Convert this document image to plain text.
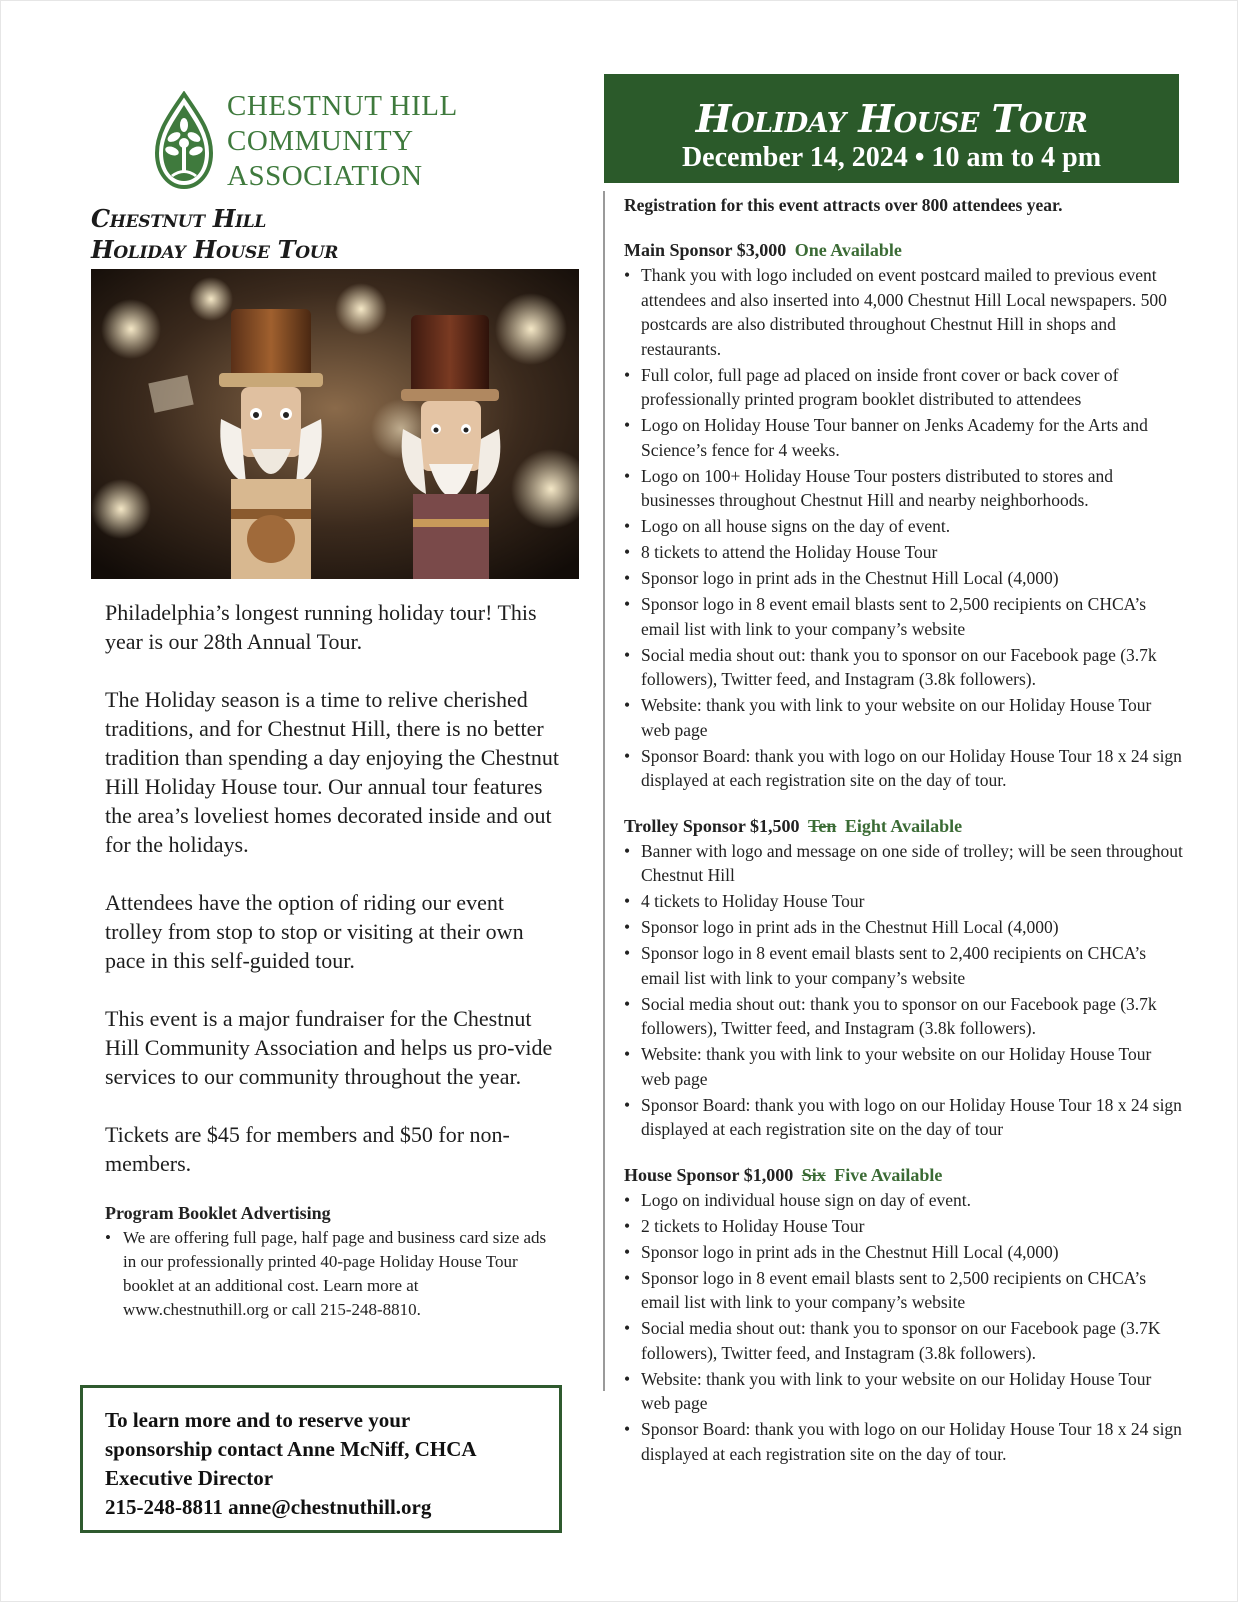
CHESTNUT HILL
COMMUNITY
ASSOCIATION
Chestnut Hill
Holiday House Tour

Philadelphia’s longest running holiday tour! This year is our 28th Annual Tour.

The Holiday season is a time to relive cherished traditions, and for Chestnut Hill, there is no better tradition than spending a day enjoying the Chestnut Hill Holiday House tour. Our annual tour features the area’s loveliest homes decorated inside and out for the holidays.

Attendees have the option of riding our event trolley from stop to stop or visiting at their own pace in this self-guided tour.

This event is a major fundraiser for the Chestnut Hill Community Association and helps us pro-vide services to our community throughout the year.

Tickets are $45 for members and $50 for non-members.

Program Booklet Advertising
• We are offering full page, half page and business card size ads in our professionally printed 40-page Holiday House Tour booklet at an additional cost. Learn more at www.chestnuthill.org or call 215-248-8810.
To learn more and to reserve your
sponsorship contact Anne McNiff, CHCA
Executive Director
215-248-8811 anne@chestnuthill.org
Holiday House Tour
December 14, 2024 • 10 am to 4 pm
Registration for this event attracts over 800 attendees year.
Main Sponsor $3,000 One Available
• Thank you with logo included on event postcard mailed to previous event attendees and also inserted into 4,000 Chestnut Hill Local newspapers. 500 postcards are also distributed throughout Chestnut Hill in shops and restaurants.
• Full color, full page ad placed on inside front cover or back cover of professionally printed program booklet distributed to attendees
• Logo on Holiday House Tour banner on Jenks Academy for the Arts and Science’s fence for 4 weeks.
• Logo on 100+ Holiday House Tour posters distributed to stores and businesses throughout Chestnut Hill and nearby neighborhoods.
• Logo on all house signs on the day of event.
• 8 tickets to attend the Holiday House Tour
• Sponsor logo in print ads in the Chestnut Hill Local (4,000)
• Sponsor logo in 8 event email blasts sent to 2,500 recipients on CHCA’s email list with link to your company’s website
• Social media shout out: thank you to sponsor on our Facebook page (3.7k followers), Twitter feed, and Instagram (3.8k followers).
• Website: thank you with link to your website on our Holiday House Tour web page
• Sponsor Board: thank you with logo on our Holiday House Tour 18 x 24 sign displayed at each registration site on the day of tour.
Trolley Sponsor $1,500 Ten Eight Available
• Banner with logo and message on one side of trolley; will be seen throughout Chestnut Hill
• 4 tickets to Holiday House Tour
• Sponsor logo in print ads in the Chestnut Hill Local (4,000)
• Sponsor logo in 8 event email blasts sent to 2,400 recipients on CHCA’s email list with link to your company’s website
• Social media shout out: thank you to sponsor on our Facebook page (3.7k followers), Twitter feed, and Instagram (3.8k followers).
• Website: thank you with link to your website on our Holiday House Tour web page
• Sponsor Board: thank you with logo on our Holiday House Tour 18 x 24 sign displayed at each registration site on the day of tour
House Sponsor $1,000 Six Five Available
• Logo on individual house sign on day of event.
• 2 tickets to Holiday House Tour
• Sponsor logo in print ads in the Chestnut Hill Local (4,000)
• Sponsor logo in 8 event email blasts sent to 2,500 recipients on CHCA’s email list with link to your company’s website
• Social media shout out: thank you to sponsor on our Facebook page (3.7K followers), Twitter feed, and Instagram (3.8k followers).
• Website: thank you with link to your website on our Holiday House Tour web page
• Sponsor Board: thank you with logo on our Holiday House Tour 18 x 24 sign displayed at each registration site on the day of tour.
